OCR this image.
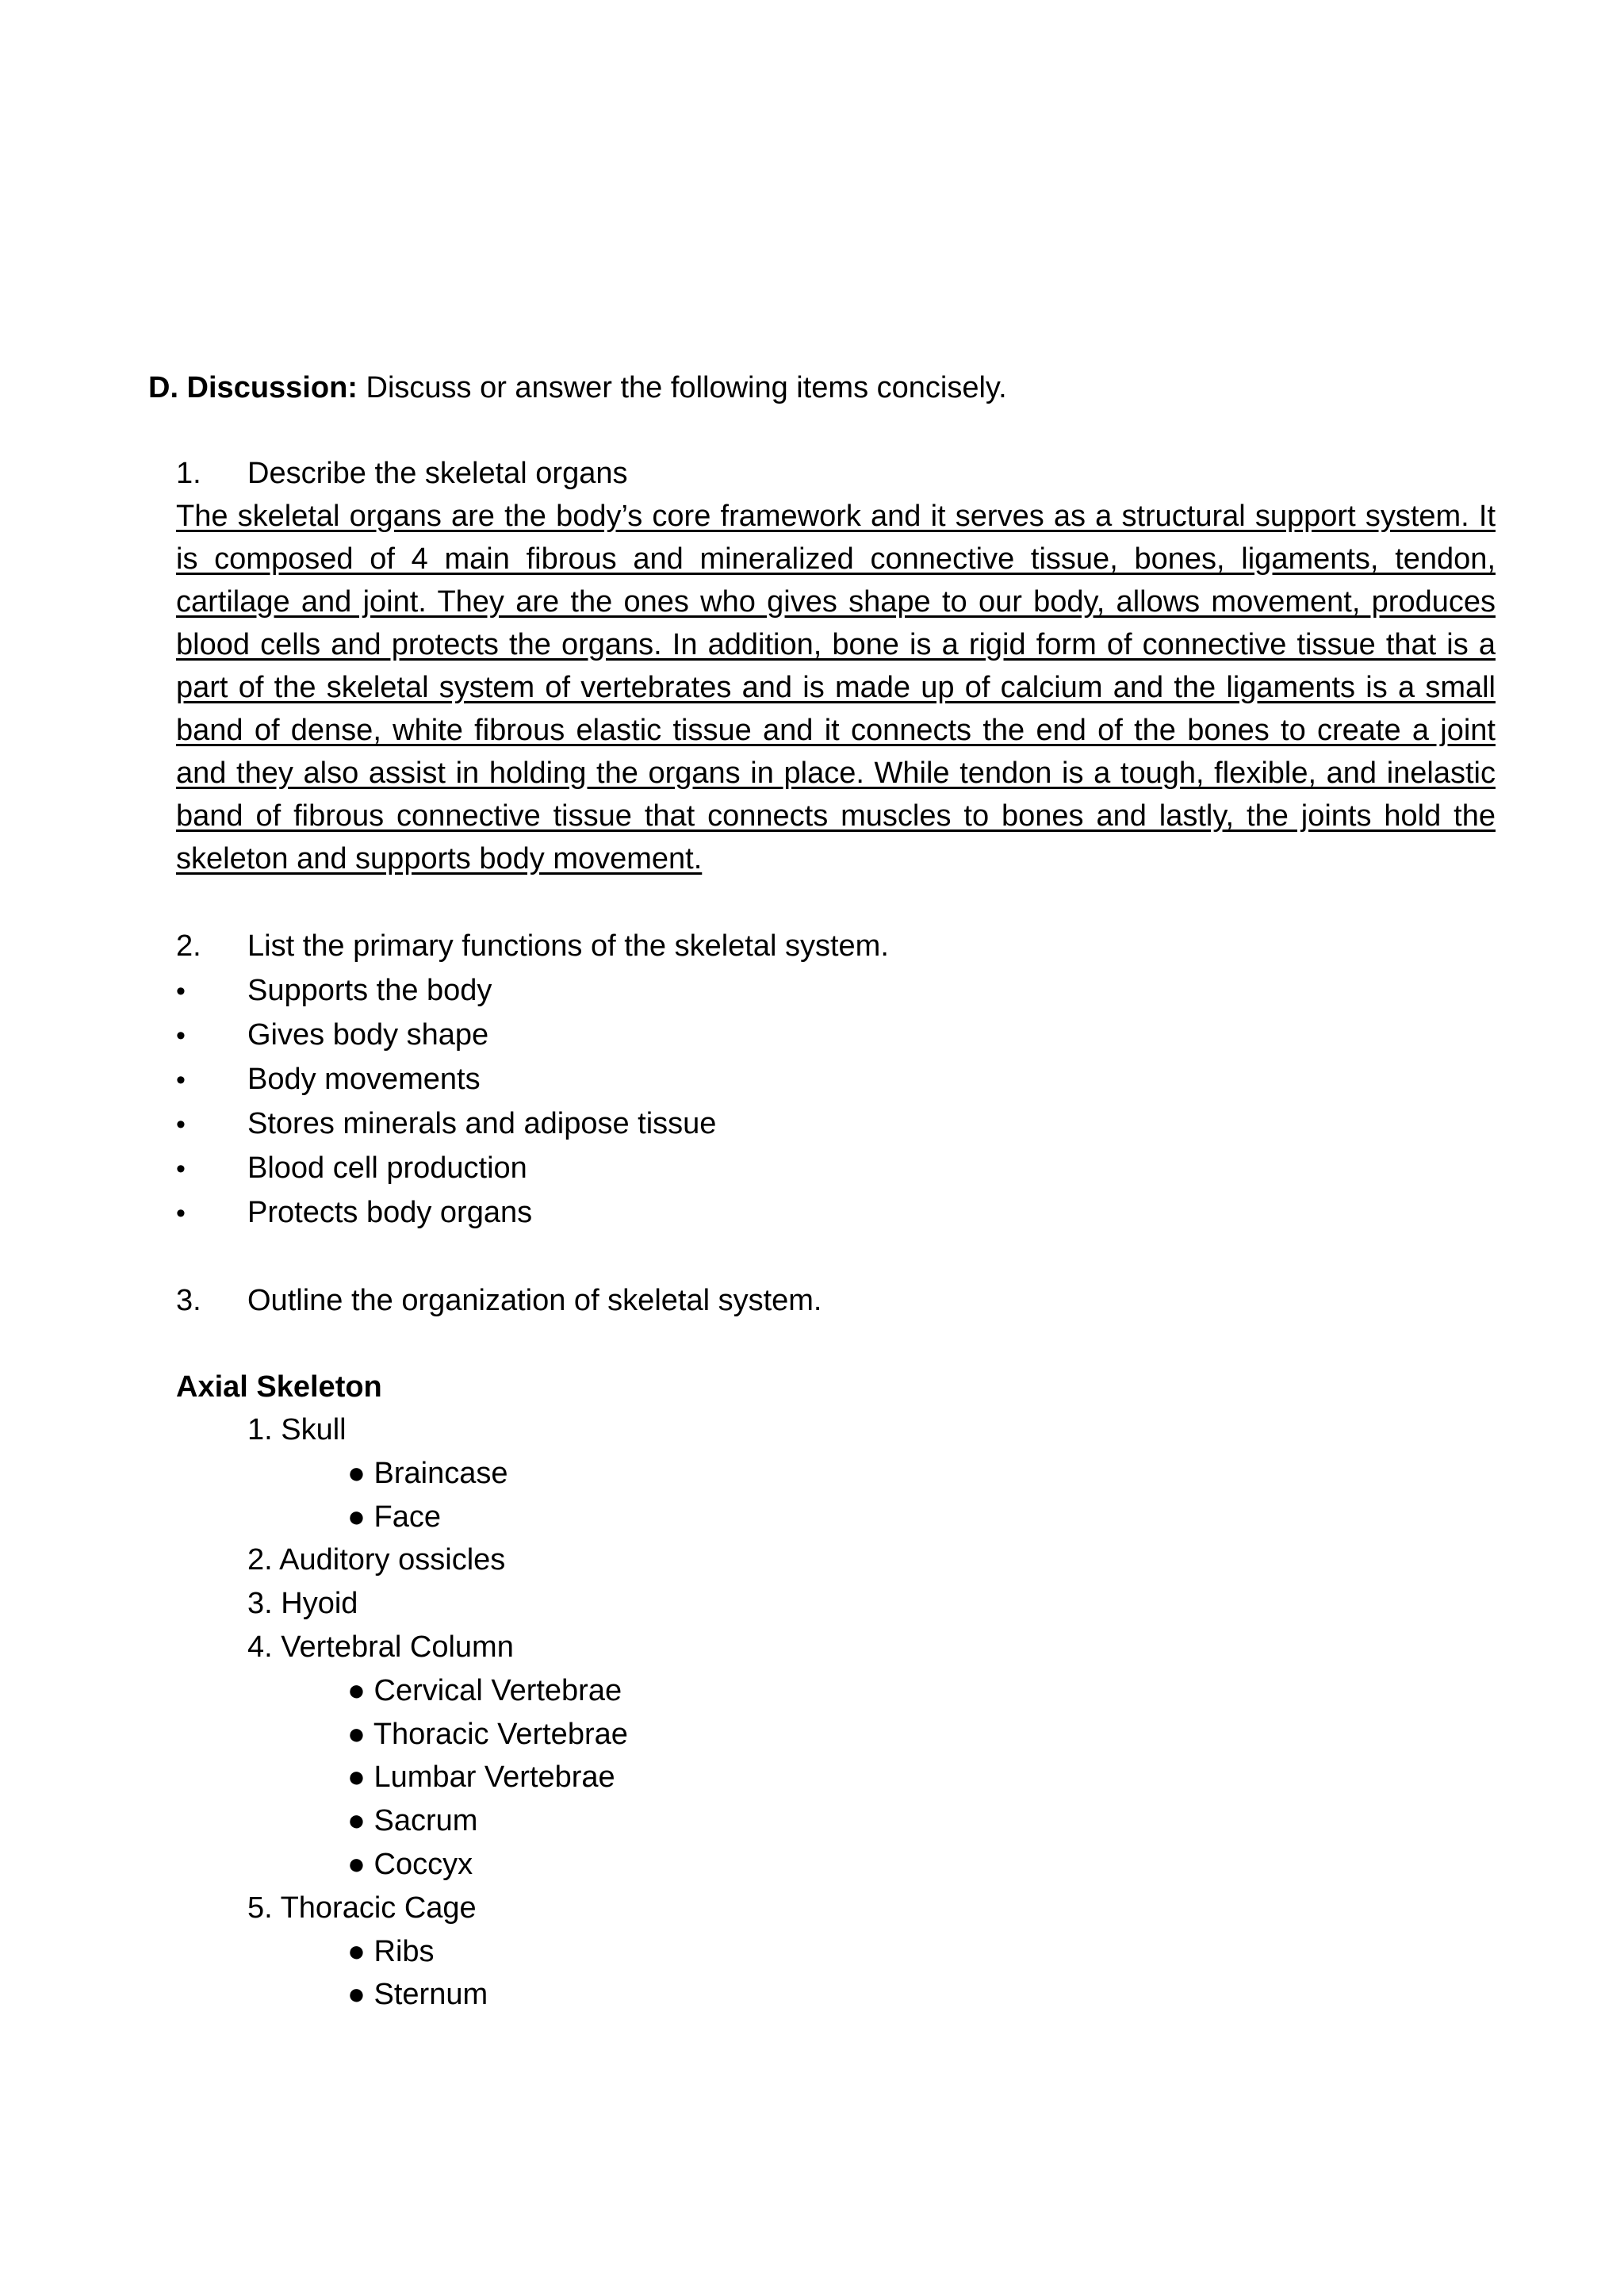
D. Discussion: Discuss or answer the following items concisely.

1. Describe the skeletal organs
The skeletal organs are the body’s core framework and it serves as a structural support system. It is composed of 4 main fibrous and mineralized connective tissue, bones, ligaments, tendon, cartilage and joint. They are the ones who gives shape to our body, allows movement, produces blood cells and protects the organs. In addition, bone is a rigid form of connective tissue that is a part of the skeletal system of vertebrates and is made up of calcium and the ligaments is a small band of dense, white fibrous elastic tissue and it connects the end of the bones to create a joint and they also assist in holding the organs in place. While tendon is a tough, flexible, and inelastic band of fibrous connective tissue that connects muscles to bones and lastly, the joints hold the skeleton and supports body movement.
2. List the primary functions of the skeletal system.
• Supports the body
• Gives body shape
• Body movements
• Stores minerals and adipose tissue
• Blood cell production
• Protects body organs
3. Outline the organization of skeletal system.
Axial Skeleton
1. Skull
● Braincase
● Face
2. Auditory ossicles
3. Hyoid
4. Vertebral Column
● Cervical Vertebrae
● Thoracic Vertebrae
● Lumbar Vertebrae
● Sacrum
● Coccyx
5. Thoracic Cage
● Ribs
● Sternum
